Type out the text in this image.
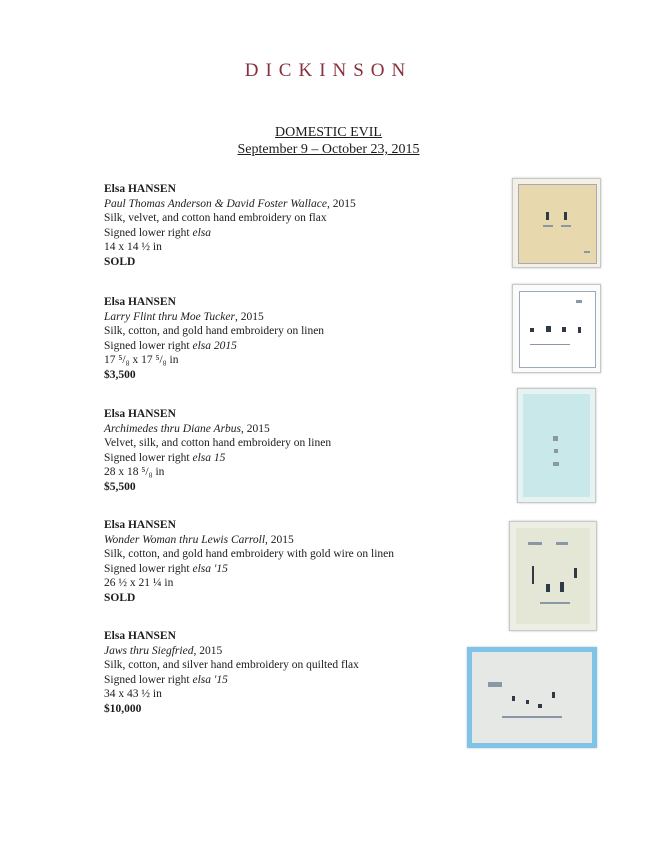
DICKINSON
DOMESTIC EVIL
September 9 – October 23, 2015
Elsa HANSEN
Paul Thomas Anderson & David Foster Wallace, 2015
Silk, velvet, and cotton hand embroidery on flax
Signed lower right elsa
14 x 14 ½ in
SOLD
Elsa HANSEN
Larry Flint thru Moe Tucker, 2015
Silk, cotton, and gold hand embroidery on linen
Signed lower right elsa 2015
17 ⁵/₈ x 17 ⁵/₈ in
$3,500
Elsa HANSEN
Archimedes thru Diane Arbus, 2015
Velvet, silk, and cotton hand embroidery on linen
Signed lower right elsa 15
28 x 18 ⁵/₈ in
$5,500
Elsa HANSEN
Wonder Woman thru Lewis Carroll, 2015
Silk, cotton, and gold hand embroidery with gold wire on linen
Signed lower right elsa '15
26 ½ x 21 ¼ in
SOLD
Elsa HANSEN
Jaws thru Siegfried, 2015
Silk, cotton, and silver hand embroidery on quilted flax
Signed lower right elsa '15
34 x 43 ½ in
$10,000
